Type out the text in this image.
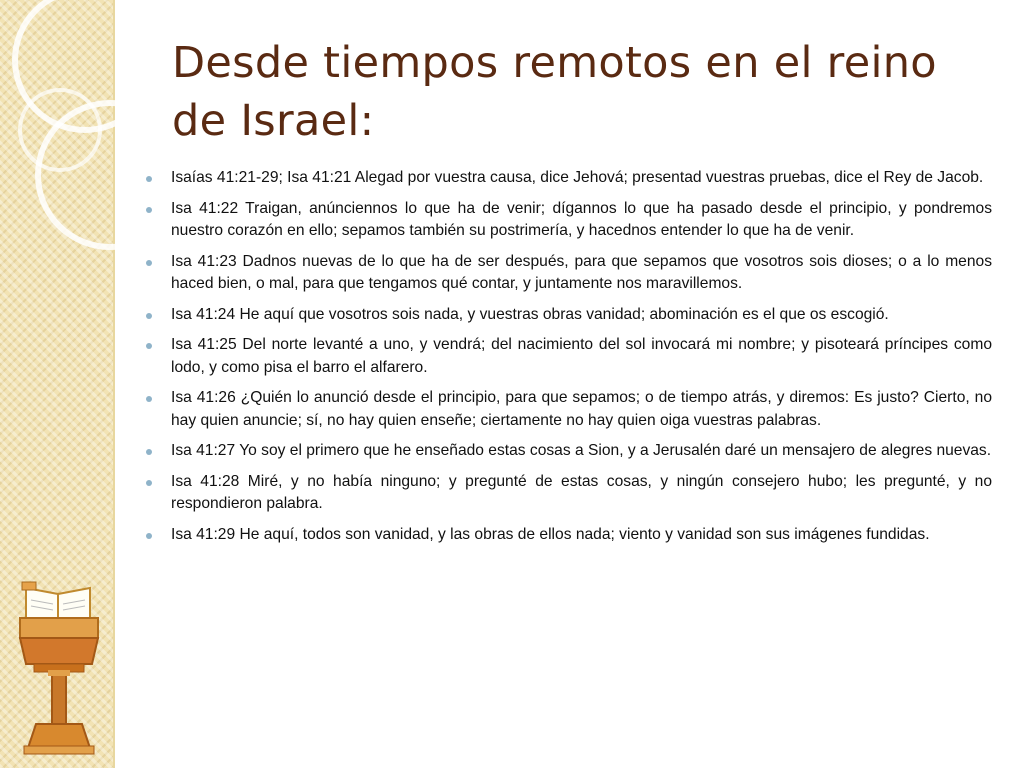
Desde tiempos remotos en el reino de Israel:
Isaías 41:21-29; Isa 41:21 Alegad por vuestra causa, dice Jehová; presentad vuestras pruebas, dice el Rey de Jacob.
Isa 41:22 Traigan, anúnciennos lo que ha de venir; dígannos lo que ha pasado desde el principio, y pondremos nuestro corazón en ello; sepamos también su postrimería, y hacednos entender lo que ha de venir.
Isa 41:23 Dadnos nuevas de lo que ha de ser después, para que sepamos que vosotros sois dioses; o a lo menos haced bien, o mal, para que tengamos qué contar, y juntamente nos maravillemos.
Isa 41:24 He aquí que vosotros sois nada, y vuestras obras vanidad; abominación es el que os escogió.
Isa 41:25 Del norte levanté a uno, y vendrá; del nacimiento del sol invocará mi nombre; y pisoteará príncipes como lodo, y como pisa el barro el alfarero.
Isa 41:26 ¿Quién lo anunció desde el principio, para que sepamos; o de tiempo atrás, y diremos: Es justo? Cierto, no hay quien anuncie; sí, no hay quien enseñe; ciertamente no hay quien oiga vuestras palabras.
Isa 41:27 Yo soy el primero que he enseñado estas cosas a Sion, y a Jerusalén daré un mensajero de alegres nuevas.
Isa 41:28 Miré, y no había ninguno; y pregunté de estas cosas, y ningún consejero hubo; les pregunté, y no respondieron palabra.
Isa 41:29 He aquí, todos son vanidad, y las obras de ellos nada; viento y vanidad son sus imágenes fundidas.
